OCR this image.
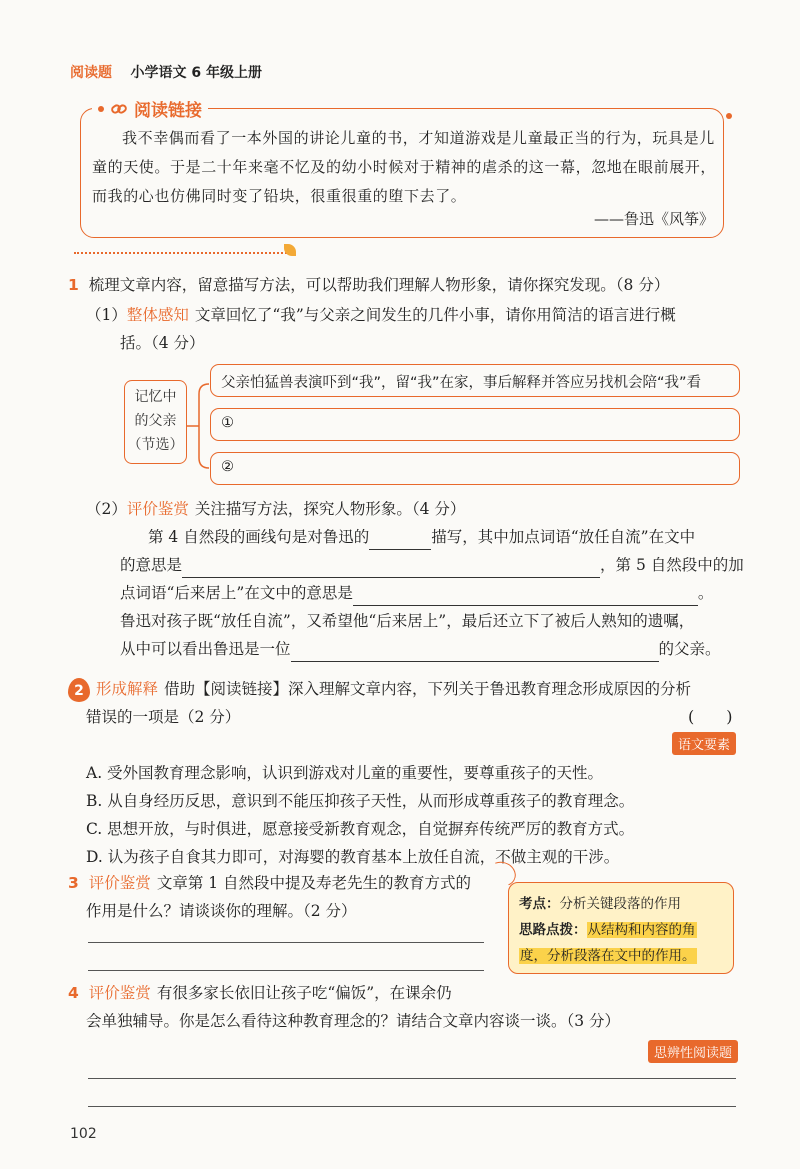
阅读题 小学语文 6 年级上册
阅读链接
我不幸偶而看了一本外国的讲论儿童的书，才知道游戏是儿童最正当的行为，玩具是儿童的天使。于是二十年来毫不忆及的幼小时候对于精神的虐杀的这一幕，忽地在眼前展开，而我的心也仿佛同时变了铅块，很重很重的堕下去了。
——鲁迅《风筝》
1 梳理文章内容，留意描写方法，可以帮助我们理解人物形象，请你探究发现。（8 分）
（1）整体感知 文章回忆了“我”与父亲之间发生的几件小事，请你用简洁的语言进行概
括。（4 分）
记忆中
的父亲
（节选）
父亲怕猛兽表演吓到“我”，留“我”在家，事后解释并答应另找机会陪“我”看
①
②
（2）评价鉴赏 关注描写方法，探究人物形象。（4 分）
第 4 自然段的画线句是对鲁迅的	描写，其中加点词语“放任自流”在文中
的意思是	，第 5 自然段中的加
点词语“后来居上”在文中的意思是	。
鲁迅对孩子既“放任自流”，又希望他“后来居上”，最后还立下了被后人熟知的遗嘱，
从中可以看出鲁迅是一位	的父亲。
2 形成解释 借助【阅读链接】深入理解文章内容，下列关于鲁迅教育理念形成原因的分析
错误的一项是（2 分）	(　　)
语文要素
A. 受外国教育理念影响，认识到游戏对儿童的重要性，要尊重孩子的天性。
B. 从自身经历反思，意识到不能压抑孩子天性，从而形成尊重孩子的教育理念。
C. 思想开放，与时俱进，愿意接受新教育观念，自觉摒弃传统严厉的教育方式。
D. 认为孩子自食其力即可，对海婴的教育基本上放任自流，不做主观的干涉。
3 评价鉴赏 文章第 1 自然段中提及寿老先生的教育方式的
作用是什么？请谈谈你的理解。（2 分）	考点：分析关键段落的作用
思路点拨：从结构和内容的角
度，分析段落在文中的作用。
4 评价鉴赏 有很多家长依旧让孩子吃“偏饭”，在课余仍
会单独辅导。你是怎么看待这种教育理念的？请结合文章内容谈一谈。（3 分）
思辨性阅读题
102
